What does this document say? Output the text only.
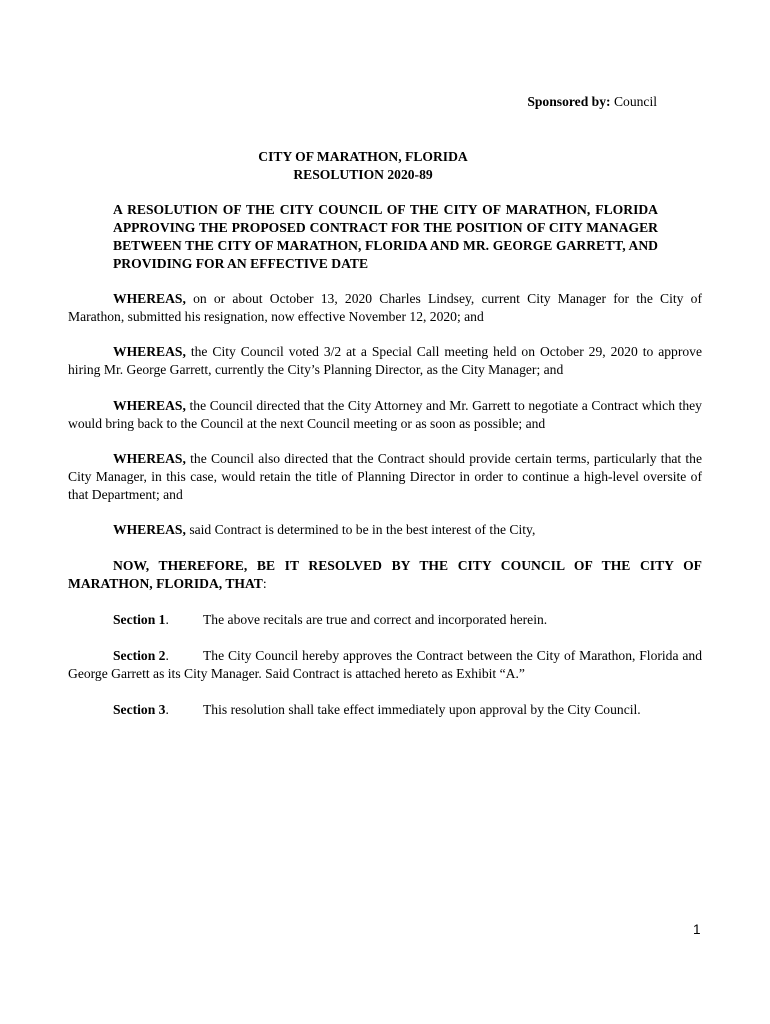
Sponsored by: Council
CITY OF MARATHON, FLORIDA
RESOLUTION 2020-89
A RESOLUTION OF THE CITY COUNCIL OF THE CITY OF MARATHON, FLORIDA APPROVING THE PROPOSED CONTRACT FOR THE POSITION OF CITY MANAGER BETWEEN THE CITY OF MARATHON, FLORIDA AND MR. GEORGE GARRETT, AND PROVIDING FOR AN EFFECTIVE DATE
WHEREAS, on or about October 13, 2020 Charles Lindsey, current City Manager for the City of Marathon, submitted his resignation, now effective November 12, 2020; and
WHEREAS, the City Council voted 3/2 at a Special Call meeting held on October 29, 2020 to approve hiring Mr. George Garrett, currently the City’s Planning Director, as the City Manager; and
WHEREAS, the Council directed that the City Attorney and Mr. Garrett to negotiate a Contract which they would bring back to the Council at the next Council meeting or as soon as possible; and
WHEREAS, the Council also directed that the Contract should provide certain terms, particularly that the City Manager, in this case, would retain the title of Planning Director in order to continue a high-level oversite of that Department; and
WHEREAS, said Contract is determined to be in the best interest of the City,
NOW, THEREFORE, BE IT RESOLVED BY THE CITY COUNCIL OF THE CITY OF MARATHON, FLORIDA, THAT:
Section 1.	The above recitals are true and correct and incorporated herein.
Section 2.	The City Council hereby approves the Contract between the City of Marathon, Florida and George Garrett as its City Manager. Said Contract is attached hereto as Exhibit “A.”
Section 3.	This resolution shall take effect immediately upon approval by the City Council.
1
